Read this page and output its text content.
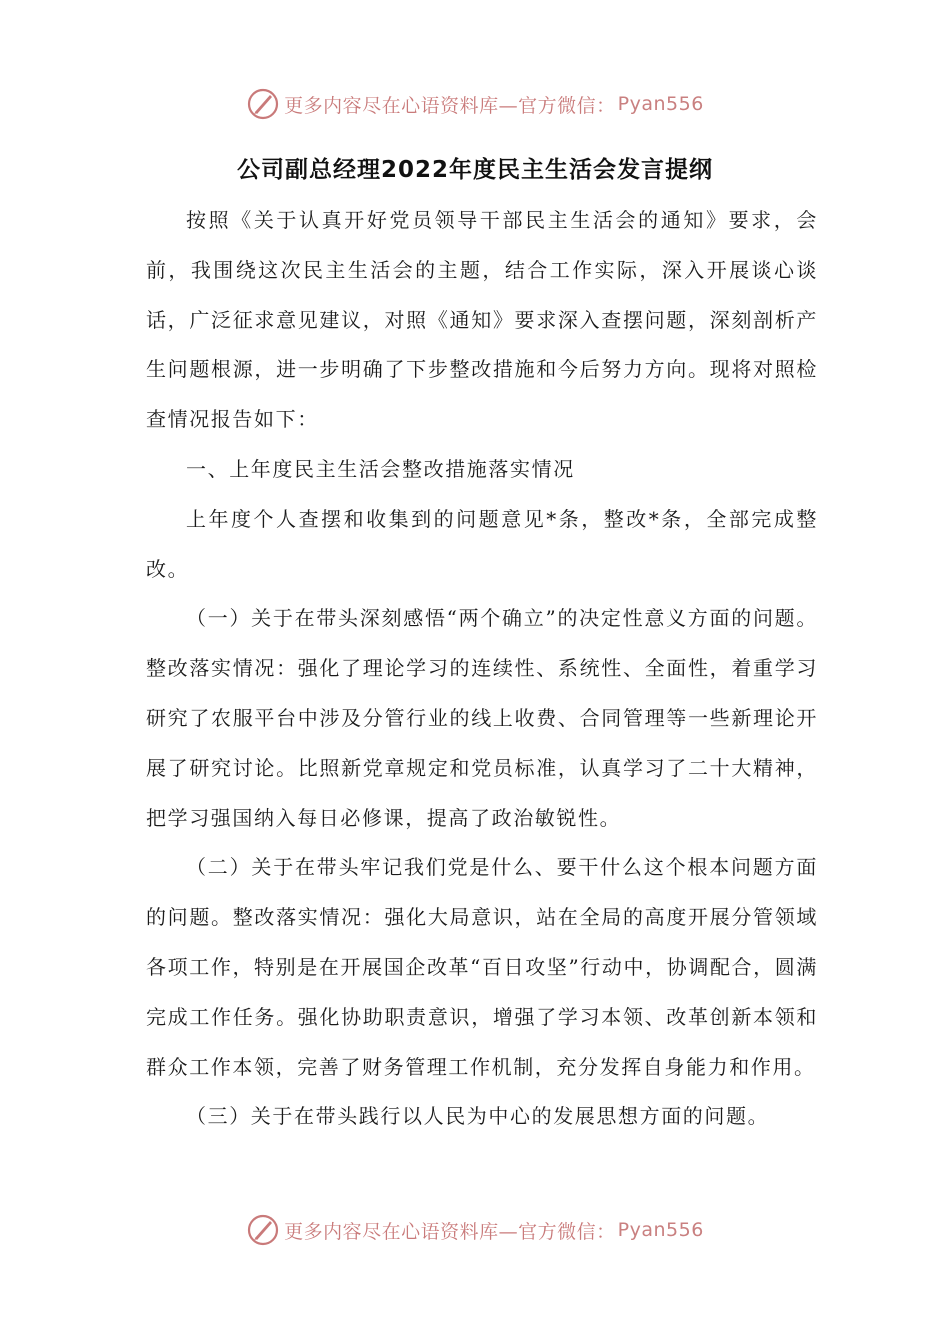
更多内容尽在心语资料库—官方微信： Pyan556
公司副总经理2022年度民主生活会发言提纲

按照《关于认真开好党员领导干部民主生活会的通知》要求，会前，我围绕这次民主生活会的主题，结合工作实际，深入开展谈心谈话，广泛征求意见建议，对照《通知》要求深入查摆问题，深刻剖析产生问题根源，进一步明确了下步整改措施和今后努力方向。现将对照检查情况报告如下：

一、上年度民主生活会整改措施落实情况

上年度个人查摆和收集到的问题意见*条，整改*条，全部完成整改。

（一）关于在带头深刻感悟“两个确立”的决定性意义方面的问题。整改落实情况：强化了理论学习的连续性、系统性、全面性，着重学习研究了农服平台中涉及分管行业的线上收费、合同管理等一些新理论开展了研究讨论。比照新党章规定和党员标准，认真学习了二十大精神，把学习强国纳入每日必修课，提高了政治敏锐性。

（二）关于在带头牢记我们党是什么、要干什么这个根本问题方面的问题。整改落实情况：强化大局意识，站在全局的高度开展分管领域各项工作，特别是在开展国企改革“百日攻坚”行动中，协调配合，圆满完成工作任务。强化协助职责意识，增强了学习本领、改革创新本领和群众工作本领，完善了财务管理工作机制，充分发挥自身能力和作用。

（三）关于在带头践行以人民为中心的发展思想方面的问题。

更多内容尽在心语资料库—官方微信： Pyan556
